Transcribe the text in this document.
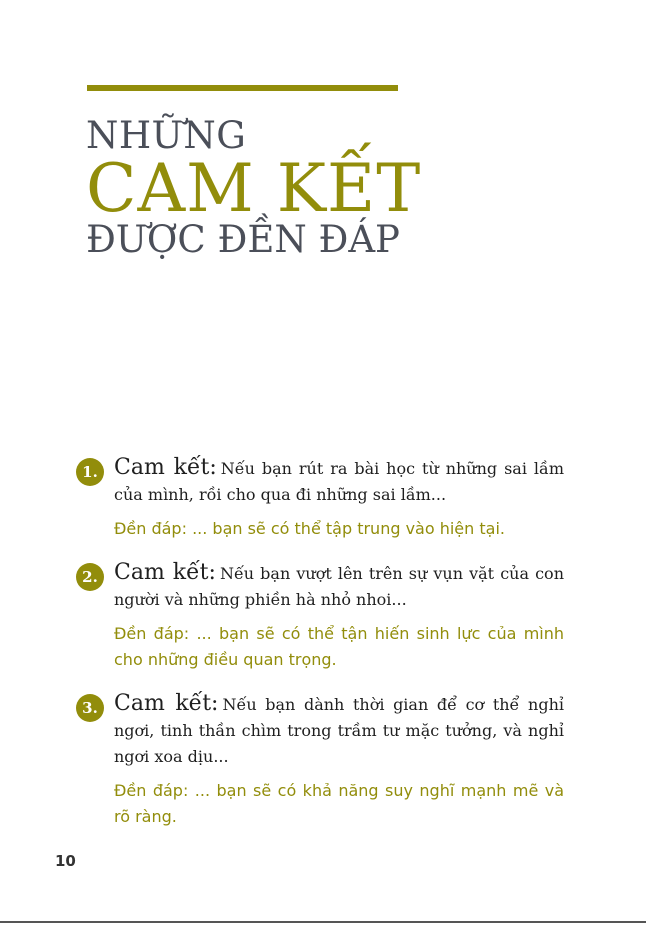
NHỮNG
CAM KẾT
ĐƯỢC ĐỀN ĐÁP
1. Cam kết: Nếu bạn rút ra bài học từ những sai lầm của mình, rồi cho qua đi những sai lầm...
Đền đáp: ... bạn sẽ có thể tập trung vào hiện tại.
2. Cam kết: Nếu bạn vượt lên trên sự vụn vặt của con người và những phiền hà nhỏ nhoi...
Đền đáp: ... bạn sẽ có thể tận hiến sinh lực của mình cho những điều quan trọng.
3. Cam kết: Nếu bạn dành thời gian để cơ thể nghỉ ngơi, tinh thần chìm trong trầm tư mặc tưởng, và nghỉ ngơi xoa dịu...
Đền đáp: ... bạn sẽ có khả năng suy nghĩ mạnh mẽ và rõ ràng.
10
